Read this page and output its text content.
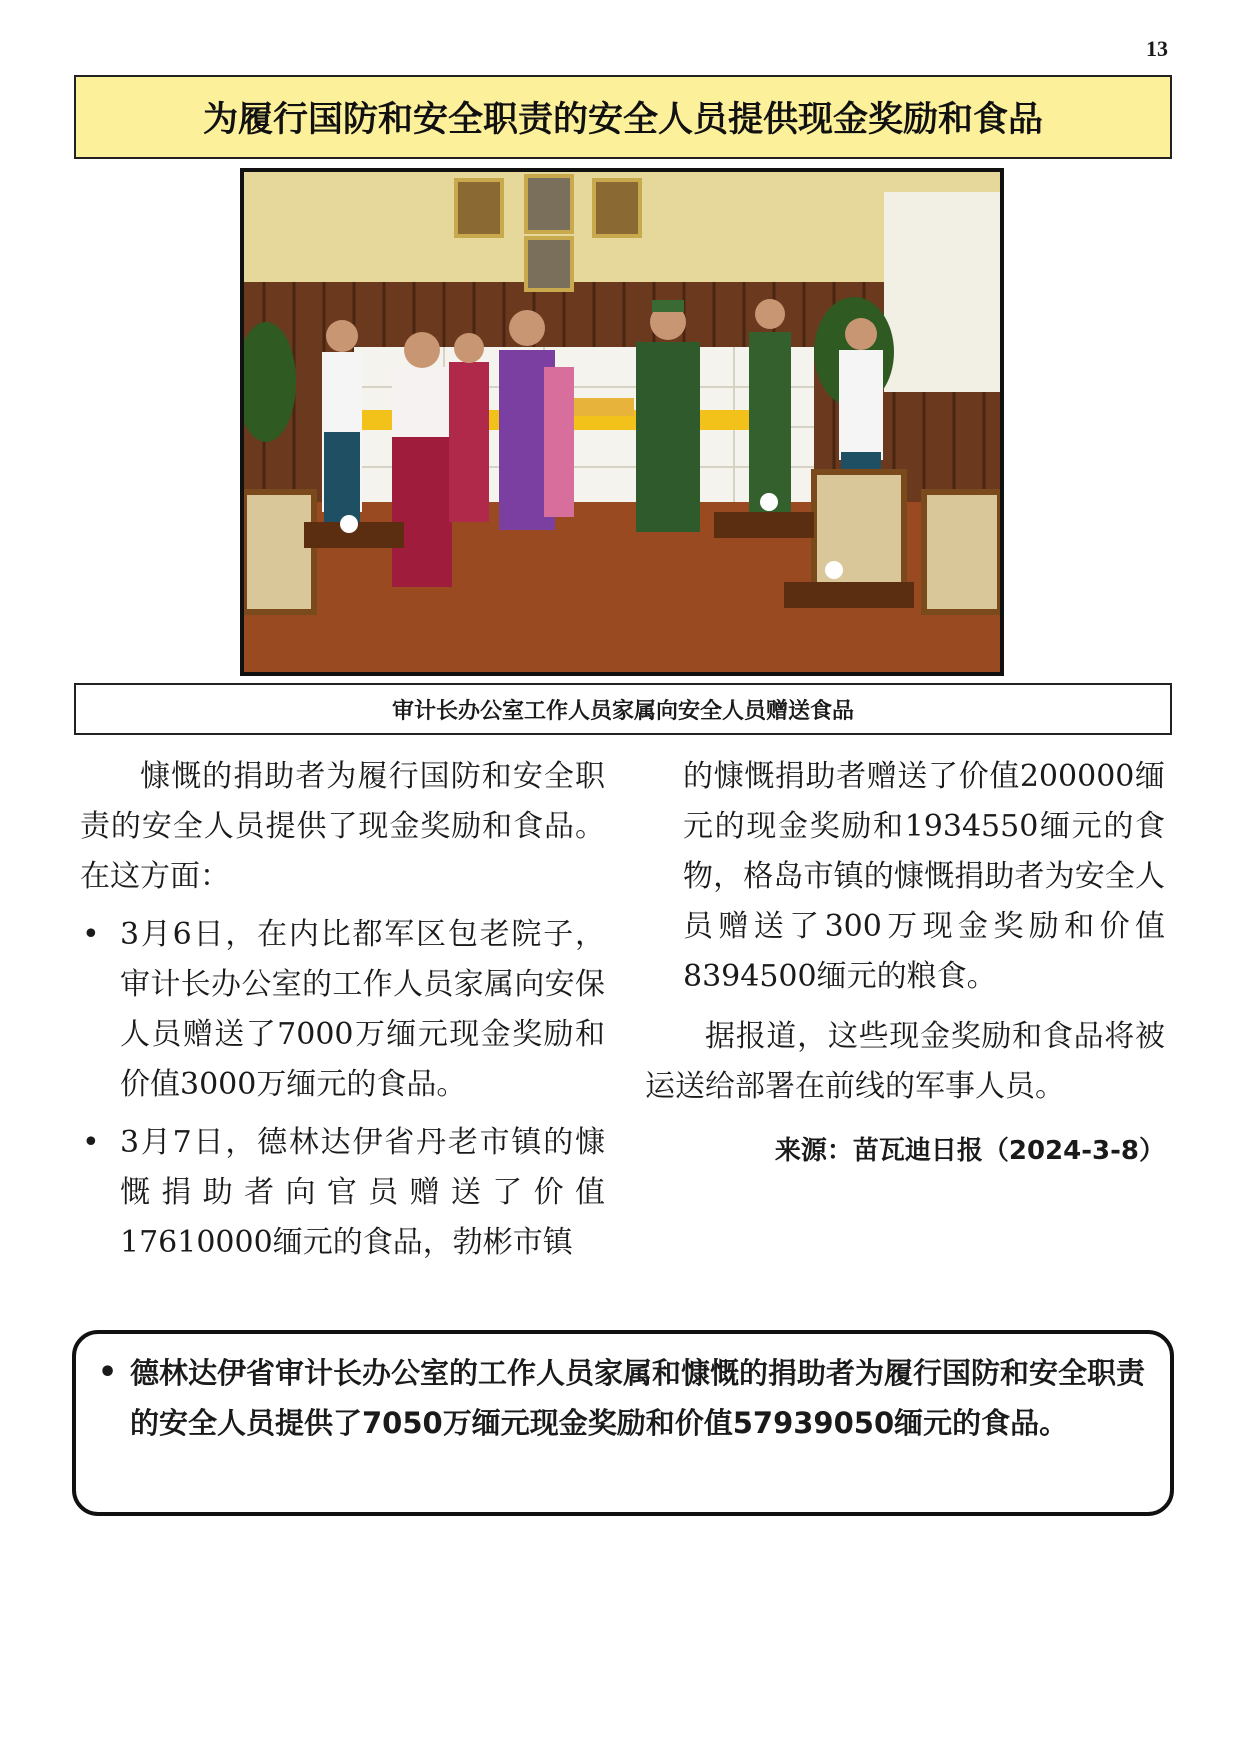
13
为履行国防和安全职责的安全人员提供现金奖励和食品
审计长办公室工作人员家属向安全人员赠送食品

慷慨的捐助者为履行国防和安全职责的安全人员提供了现金奖励和食品。在这方面：

• 3月6日，在内比都军区包老院子，审计长办公室的工作人员家属向安保人员赠送了7000万缅元现金奖励和价值3000万缅元的食品。

• 3月7日，德林达伊省丹老市镇的慷慨捐助者向官员赠送了价值17610000缅元的食品，勃彬市镇

的慷慨捐助者赠送了价值200000缅元的现金奖励和1934550缅元的食物，格岛市镇的慷慨捐助者为安全人员赠送了300万现金奖励和价值8394500缅元的粮食。

据报道，这些现金奖励和食品将被运送给部署在前线的军事人员。

来源：苗瓦迪日报（2024-3-8）

• 德林达伊省审计长办公室的工作人员家属和慷慨的捐助者为履行国防和安全职责的安全人员提供了7050万缅元现金奖励和价值57939050缅元的食品。
